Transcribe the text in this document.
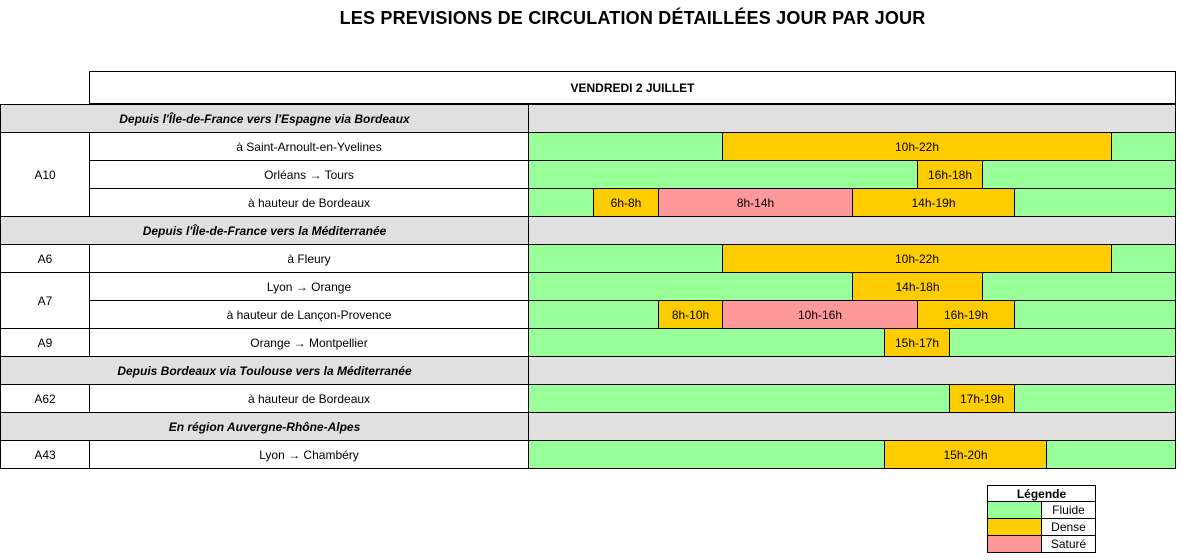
LES PREVISIONS DE CIRCULATION DÉTAILLÉES JOUR PAR JOUR
VENDREDI 2 JUILLET
Depuis l'Île-de-France vers l'Espagne via Bordeaux
A10
à Saint-Arnoult-en-Yvelines	10h-22h
Orléans → Tours	16h-18h
à hauteur de Bordeaux	6h-8h	8h-14h	14h-19h
Depuis l'Île-de-France vers la Méditerranée
A6	à Fleury	10h-22h
A7
Lyon → Orange	14h-18h
à hauteur de Lançon-Provence	8h-10h	10h-16h	16h-19h
A9	Orange → Montpellier	15h-17h
Depuis Bordeaux via Toulouse vers la Méditerranée
A62	à hauteur de Bordeaux	17h-19h
En région Auvergne-Rhône-Alpes
A43	Lyon → Chambéry	15h-20h
Légende
Fluide
Dense
Saturé
